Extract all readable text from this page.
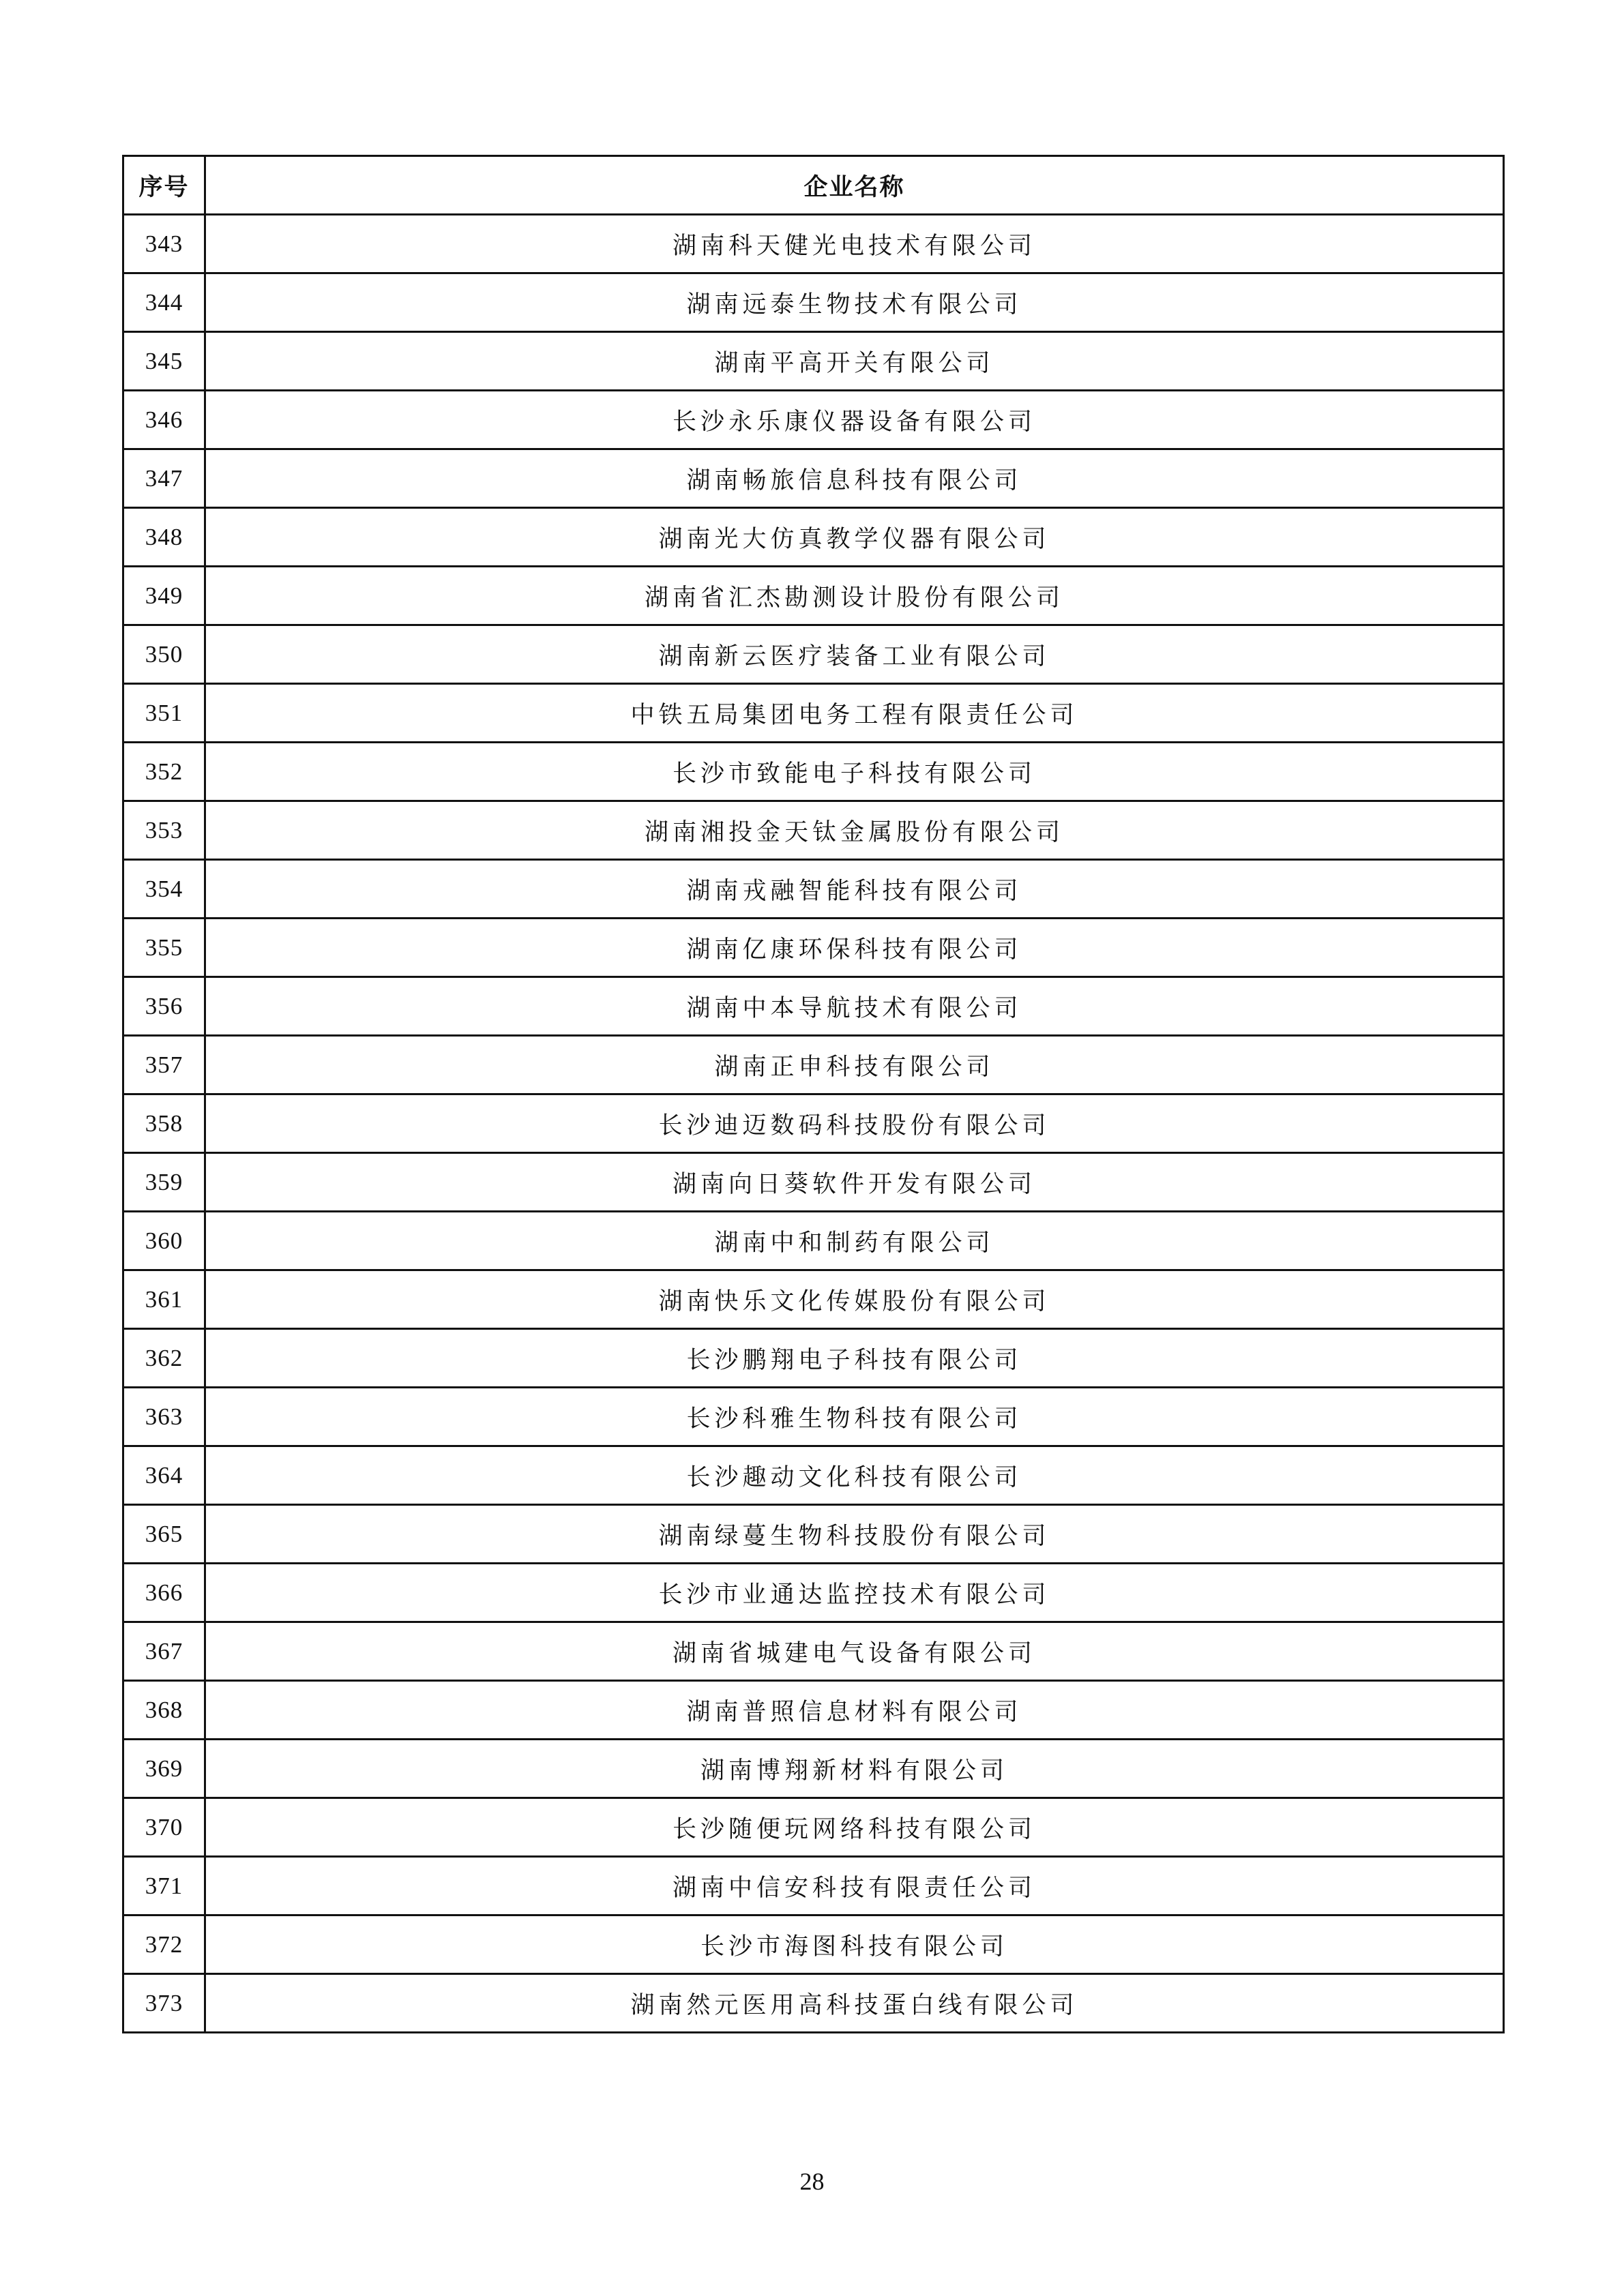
序号	企业名称
343	湖南科天健光电技术有限公司
344	湖南远泰生物技术有限公司
345	湖南平高开关有限公司
346	长沙永乐康仪器设备有限公司
347	湖南畅旅信息科技有限公司
348	湖南光大仿真教学仪器有限公司
349	湖南省汇杰勘测设计股份有限公司
350	湖南新云医疗装备工业有限公司
351	中铁五局集团电务工程有限责任公司
352	长沙市致能电子科技有限公司
353	湖南湘投金天钛金属股份有限公司
354	湖南戎融智能科技有限公司
355	湖南亿康环保科技有限公司
356	湖南中本导航技术有限公司
357	湖南正申科技有限公司
358	长沙迪迈数码科技股份有限公司
359	湖南向日葵软件开发有限公司
360	湖南中和制药有限公司
361	湖南快乐文化传媒股份有限公司
362	长沙鹏翔电子科技有限公司
363	长沙科雅生物科技有限公司
364	长沙趣动文化科技有限公司
365	湖南绿蔓生物科技股份有限公司
366	长沙市业通达监控技术有限公司
367	湖南省城建电气设备有限公司
368	湖南普照信息材料有限公司
369	湖南博翔新材料有限公司
370	长沙随便玩网络科技有限公司
371	湖南中信安科技有限责任公司
372	长沙市海图科技有限公司
373	湖南然元医用高科技蛋白线有限公司
28
